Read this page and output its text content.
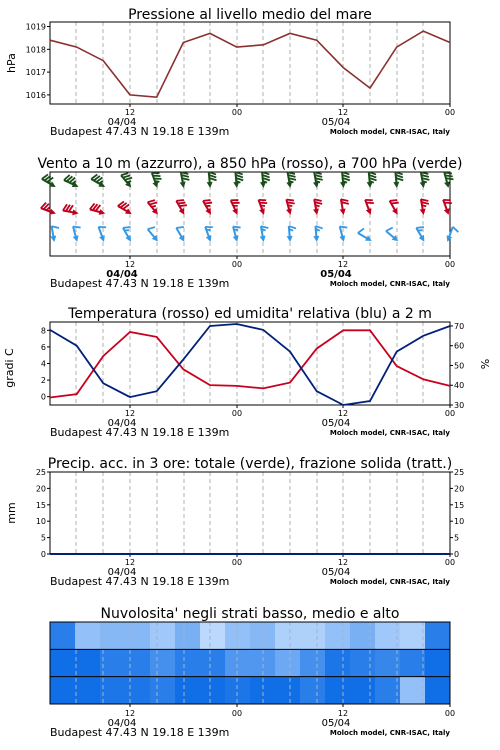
Pressione al livello medio del mare
12	00	12	00
04/04	05/04
Budapest 47.43 N 19.18 E 139m	Moloch model, CNR-ISAC, Italy
1016
1017
1018
1019
hPa
Vento a 10 m (azzurro), a 850 hPa (rosso), a 700 hPa (verde)
12	00	12	00
04/04	05/04
Budapest 47.43 N 19.18 E 139m	Moloch model, CNR-ISAC, Italy
Temperatura (rosso) ed umidita' relativa (blu) a 2 m
12	00	12	00
04/04	05/04
Budapest 47.43 N 19.18 E 139m	Moloch model, CNR-ISAC, Italy
0
2
4
6
8
30
40
50
60
70
gradi C	%
Precip. acc. in 3 ore: totale (verde), frazione solida (tratt.)
12	00	12	00
04/04	05/04
Budapest 47.43 N 19.18 E 139m	Moloch model, CNR-ISAC, Italy
0	0
5	5
10	10
15	15
20	20
25	25
mm
Nuvolosita' negli strati basso, medio e alto
12	00	12	00
04/04	05/04
Budapest 47.43 N 19.18 E 139m	Moloch model, CNR-ISAC, Italy
